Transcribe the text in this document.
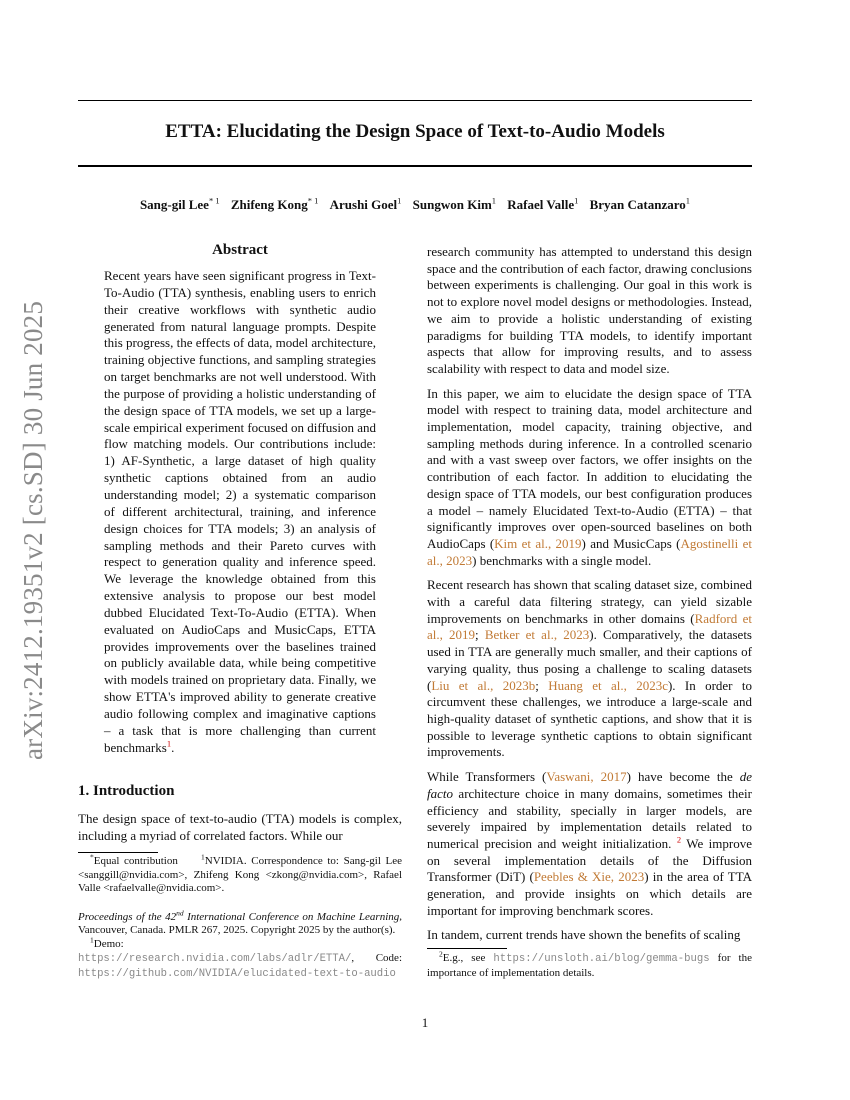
arXiv:2412.19351v2 [cs.SD] 30 Jun 2025
ETTA: Elucidating the Design Space of Text-to-Audio Models
Sang-gil Lee$^{* 1}$ Zhifeng Kong$^{* 1}$ Arushi Goel$^1$ Sungwon Kim$^1$ Rafael Valle$^1$ Bryan Catanzaro$^1$
Abstract

Recent years have seen significant progress in Text-To-Audio (TTA) synthesis, enabling users to enrich their creative workflows with synthetic audio generated from natural language prompts. Despite this progress, the effects of data, model architecture, training objective functions, and sampling strategies on target benchmarks are not well understood. With the purpose of providing a holistic understanding of the design space of TTA models, we set up a large-scale empirical experiment focused on diffusion and flow matching models. Our contributions include: 1) AF-Synthetic, a large dataset of high quality synthetic captions obtained from an audio understanding model; 2) a systematic comparison of different architectural, training, and inference design choices for TTA models; 3) an analysis of sampling methods and their Pareto curves with respect to generation quality and inference speed. We leverage the knowledge obtained from this extensive analysis to propose our best model dubbed Elucidated Text-To-Audio (ETTA). When evaluated on AudioCaps and MusicCaps, ETTA provides improvements over the baselines trained on publicly available data, while being competitive with models trained on proprietary data. Finally, we show ETTA's improved ability to generate creative audio following complex and imaginative captions – a task that is more challenging than current benchmarks$^1$.

1. Introduction

The design space of text-to-audio (TTA) models is complex, including a myriad of correlated factors. While our

*Equal contribution	$^1$NVIDIA. Correspondence to: Sang-gil Lee <sanggill@nvidia.com>, Zhifeng Kong <zkong@nvidia.com>, Rafael Valle <rafaelvalle@nvidia.com>.

Proceedings of the 42nd International Conference on Machine Learning, Vancouver, Canada. PMLR 267, 2025. Copyright 2025 by the author(s).

$^1$Demo: https://research.nvidia.com/labs/adlr/ETTA/, Code: https://github.com/NVIDIA/elucidated-text-to-audio

research community has attempted to understand this design space and the contribution of each factor, drawing conclusions between experiments is challenging. Our goal in this work is not to explore novel model designs or methodologies. Instead, we aim to provide a holistic understanding of existing paradigms for building TTA models, to identify important aspects that allow for improving results, and to assess scalability with respect to data and model size.

In this paper, we aim to elucidate the design space of TTA model with respect to training data, model architecture and implementation, model capacity, training objective, and sampling methods during inference. In a controlled scenario and with a vast sweep over factors, we offer insights on the contribution of each factor. In addition to elucidating the design space of TTA models, our best configuration produces a model – namely Elucidated Text-to-Audio (ETTA) – that significantly improves over open-sourced baselines on both AudioCaps (Kim et al., 2019) and MusicCaps (Agostinelli et al., 2023) benchmarks with a single model.

Recent research has shown that scaling dataset size, combined with a careful data filtering strategy, can yield sizable improvements on benchmarks in other domains (Radford et al., 2019; Betker et al., 2023). Comparatively, the datasets used in TTA are generally much smaller, and their captions of varying quality, thus posing a challenge to scaling datasets (Liu et al., 2023b; Huang et al., 2023c). In order to circumvent these challenges, we introduce a large-scale and high-quality dataset of synthetic captions, and show that it is possible to leverage synthetic captions to obtain significant improvements.

While Transformers (Vaswani, 2017) have become the de facto architecture choice in many domains, sometimes their efficiency and stability, specially in larger models, are severely impaired by implementation details related to numerical precision and weight initialization. $^2$ We improve on several implementation details of the Diffusion Transformer (DiT) (Peebles & Xie, 2023) in the area of TTA generation, and provide insights on which details are important for improving benchmark scores.

In tandem, current trends have shown the benefits of scaling

$^2$E.g., see https://unsloth.ai/blog/gemma-bugs for the importance of implementation details.

1
